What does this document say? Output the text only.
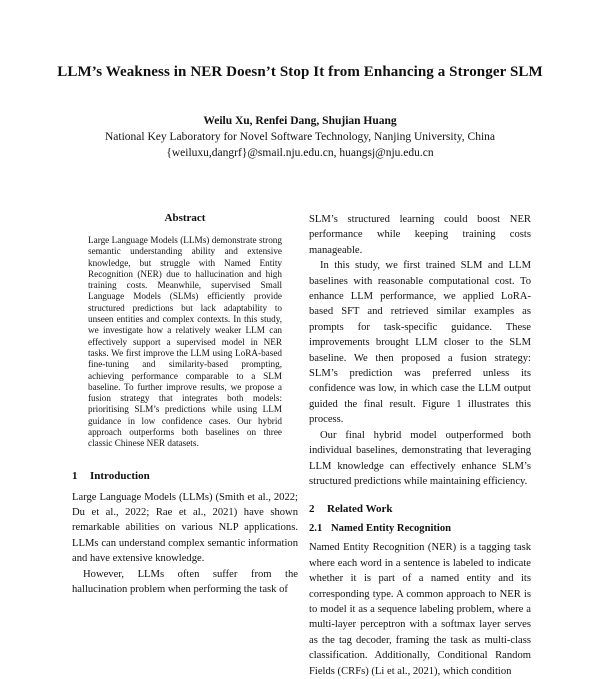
LLM’s Weakness in NER Doesn’t Stop It from Enhancing a Stronger SLM
Weilu Xu, Renfei Dang, Shujian Huang
National Key Laboratory for Novel Software Technology, Nanjing University, China
{weiluxu,dangrf}@smail.nju.edu.cn, huangsj@nju.edu.cn
Abstract

Large Language Models (LLMs) demonstrate strong semantic understanding ability and extensive knowledge, but struggle with Named Entity Recognition (NER) due to hallucination and high training costs. Meanwhile, supervised Small Language Models (SLMs) efficiently provide structured predictions but lack adaptability to unseen entities and complex contexts. In this study, we investigate how a relatively weaker LLM can effectively support a supervised model in NER tasks. We first improve the LLM using LoRA-based fine-tuning and similarity-based prompting, achieving performance comparable to a SLM baseline. To further improve results, we propose a fusion strategy that integrates both models: prioritising SLM’s predictions while using LLM guidance in low confidence cases. Our hybrid approach outperforms both baselines on three classic Chinese NER datasets.

1 Introduction

Large Language Models (LLMs) (Smith et al., 2022; Du et al., 2022; Rae et al., 2021) have shown remarkable abilities on various NLP applications. LLMs can understand complex semantic information and have extensive knowledge.

However, LLMs often suffer from the hallucination problem when performing the task of

SLM’s structured learning could boost NER performance while keeping training costs manageable.

In this study, we first trained SLM and LLM baselines with reasonable computational cost. To enhance LLM performance, we applied LoRA-based SFT and retrieved similar examples as prompts for task-specific guidance. These improvements brought LLM closer to the SLM baseline. We then proposed a fusion strategy: SLM’s prediction was preferred unless its confidence was low, in which case the LLM output guided the final result. Figure 1 illustrates this process.

Our final hybrid model outperformed both individual baselines, demonstrating that leveraging LLM knowledge can effectively enhance SLM’s structured predictions while maintaining efficiency.

2 Related Work
2.1 Named Entity Recognition

Named Entity Recognition (NER) is a tagging task where each word in a sentence is labeled to indicate whether it is part of a named entity and its corresponding type. A common approach to NER is to model it as a sequence labeling problem, where a multi-layer perceptron with a softmax layer serves as the tag decoder, framing the task as multi-class classification. Additionally, Conditional Random Fields (CRFs) (Li et al., 2021), which condition
